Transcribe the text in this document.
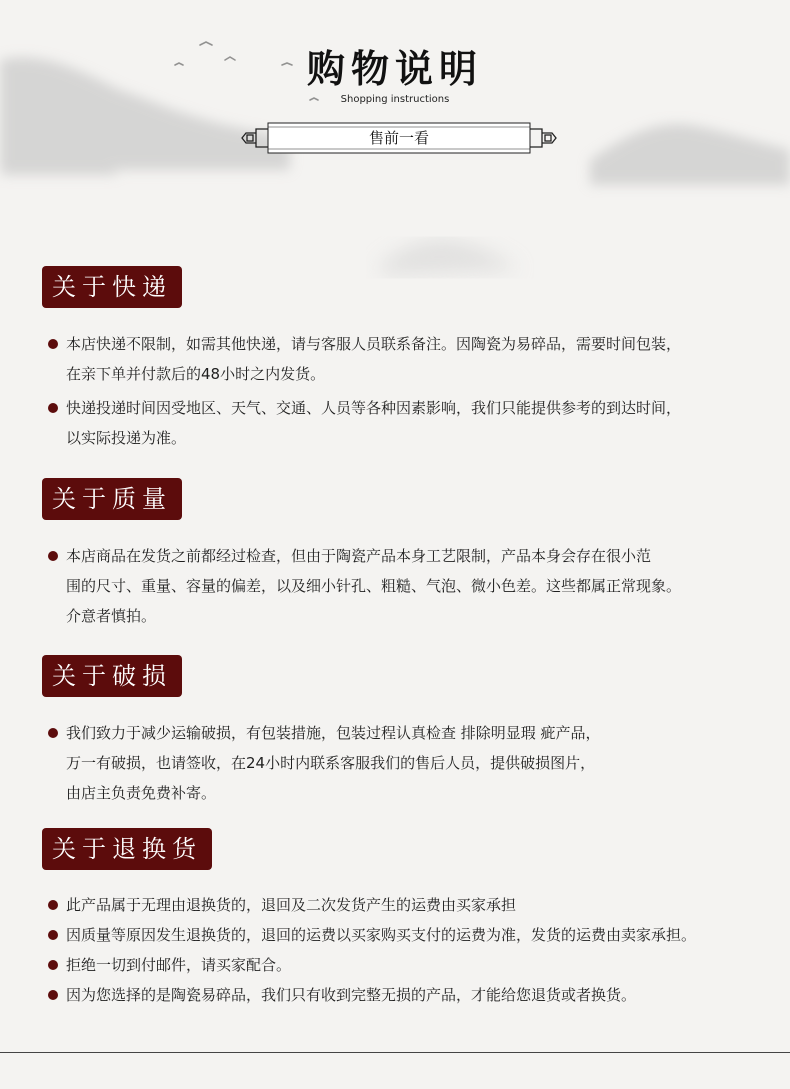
购物说明
Shopping instructions
售前一看
关于快递
本店快递不限制，如需其他快递，请与客服人员联系备注。因陶瓷为易碎品，需要时间包装，
在亲下单并付款后的48小时之内发货。
快递投递时间因受地区、天气、交通、人员等各种因素影响，我们只能提供参考的到达时间，
以实际投递为准。
关于质量
本店商品在发货之前都经过检查，但由于陶瓷产品本身工艺限制，产品本身会存在很小范
围的尺寸、重量、容量的偏差，以及细小针孔、粗糙、气泡、微小色差。这些都属正常现象。
介意者慎拍。
关于破损
我们致力于减少运输破损，有包装措施，包装过程认真检查 排除明显瑕 疵产品，
万一有破损，也请签收，在24小时内联系客服我们的售后人员，提供破损图片，
由店主负责免费补寄。
关于退换货
此产品属于无理由退换货的，退回及二次发货产生的运费由买家承担
因质量等原因发生退换货的，退回的运费以买家购买支付的运费为准，发货的运费由卖家承担。
拒绝一切到付邮件，请买家配合。
因为您选择的是陶瓷易碎品，我们只有收到完整无损的产品，才能给您退货或者换货。
